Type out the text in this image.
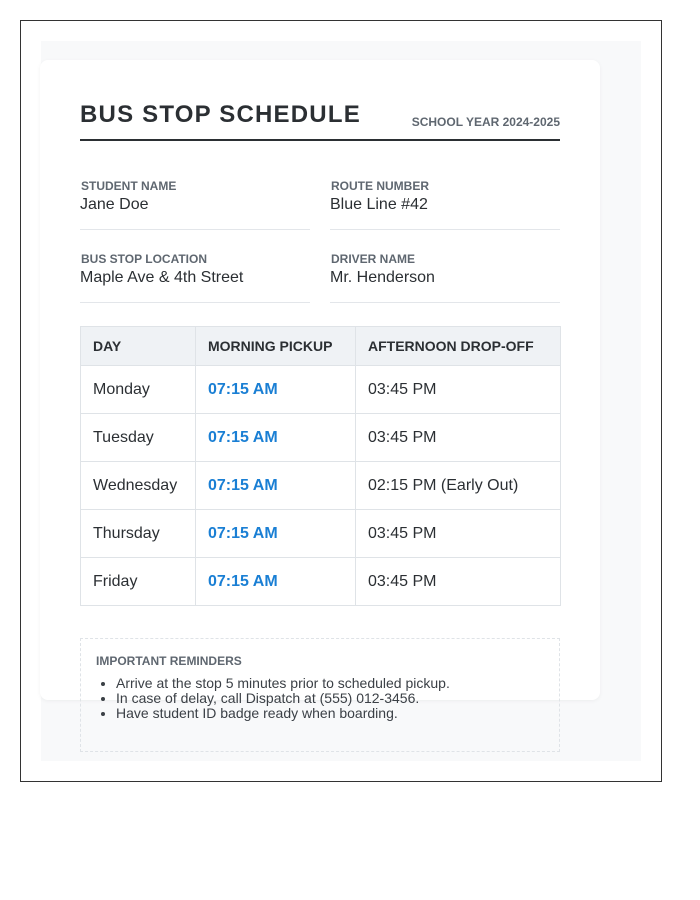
BUS STOP SCHEDULE	SCHOOL YEAR 2024-2025
STUDENT NAME
Jane Doe
ROUTE NUMBER
Blue Line #42
BUS STOP LOCATION
Maple Ave & 4th Street
DRIVER NAME
Mr. Henderson
DAY	MORNING PICKUP	AFTERNOON DROP-OFF
Monday	07:15 AM	03:45 PM
Tuesday	07:15 AM	03:45 PM
Wednesday	07:15 AM	02:15 PM (Early Out)
Thursday	07:15 AM	03:45 PM
Friday	07:15 AM	03:45 PM
IMPORTANT REMINDERS
• Arrive at the stop 5 minutes prior to scheduled pickup.
• In case of delay, call Dispatch at (555) 012-3456.
• Have student ID badge ready when boarding.
